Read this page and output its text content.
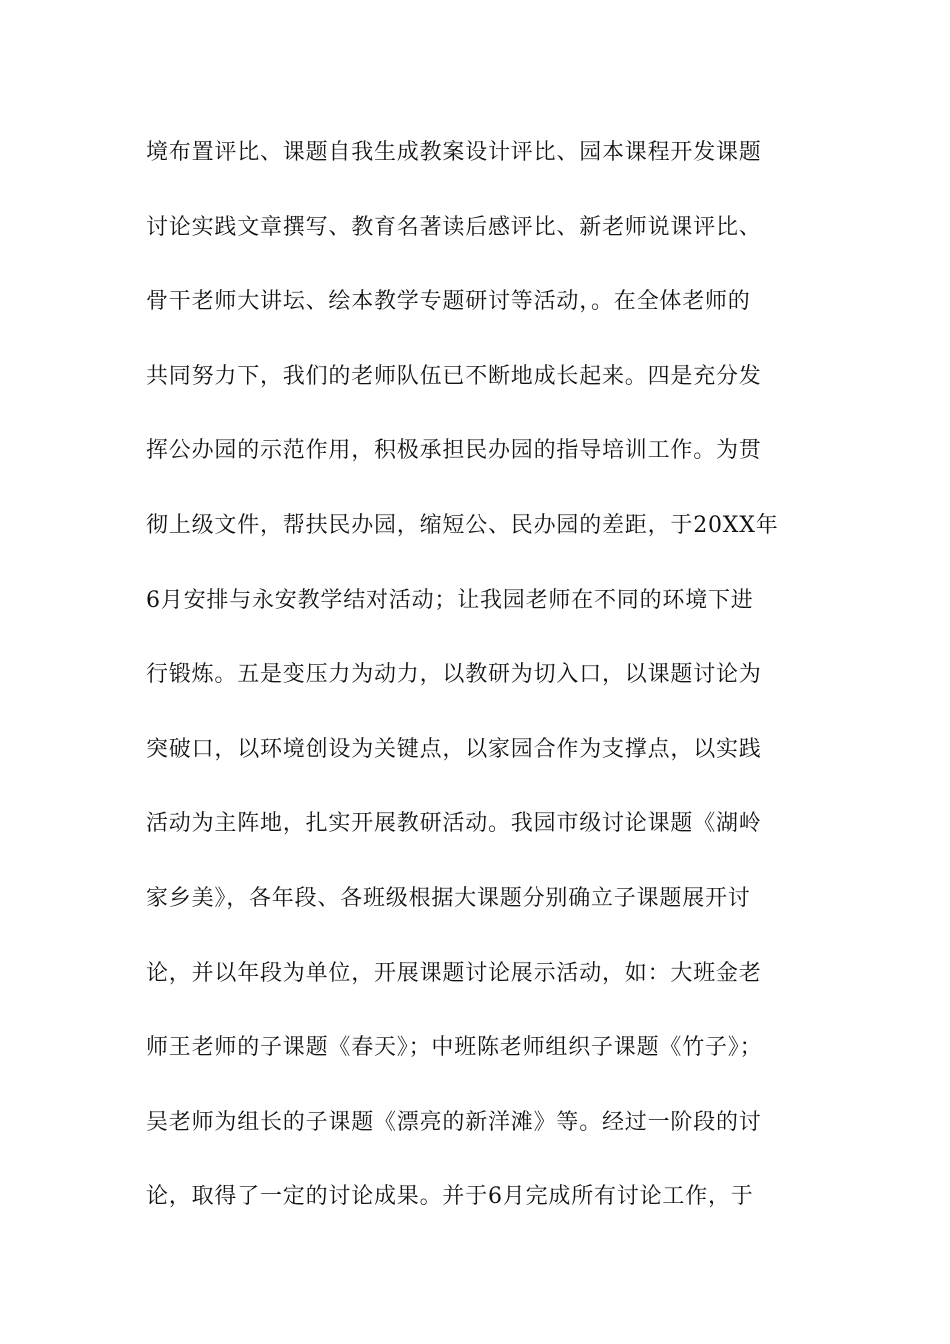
境布置评比、课题自我生成教案设计评比、园本课程开发课题
讨论实践文章撰写、教育名著读后感评比、新老师说课评比、
骨干老师大讲坛、绘本教学专题研讨等活动，。在全体老师的
共同努力下，我们的老师队伍已不断地成长起来。四是充分发
挥公办园的示范作用，积极承担民办园的指导培训工作。为贯
彻上级文件，帮扶民办园，缩短公、民办园的差距，于20XX年
6月安排与永安教学结对活动；让我园老师在不同的环境下进
行锻炼。五是变压力为动力，以教研为切入口，以课题讨论为
突破口，以环境创设为关键点，以家园合作为支撑点，以实践
活动为主阵地，扎实开展教研活动。我园市级讨论课题《湖岭
家乡美》，各年段、各班级根据大课题分别确立子课题展开讨
论，并以年段为单位，开展课题讨论展示活动，如：大班金老
师王老师的子课题《春天》；中班陈老师组织子课题《竹子》；
吴老师为组长的子课题《漂亮的新洋滩》等。经过一阶段的讨
论，取得了一定的讨论成果。并于6月完成所有讨论工作，于
